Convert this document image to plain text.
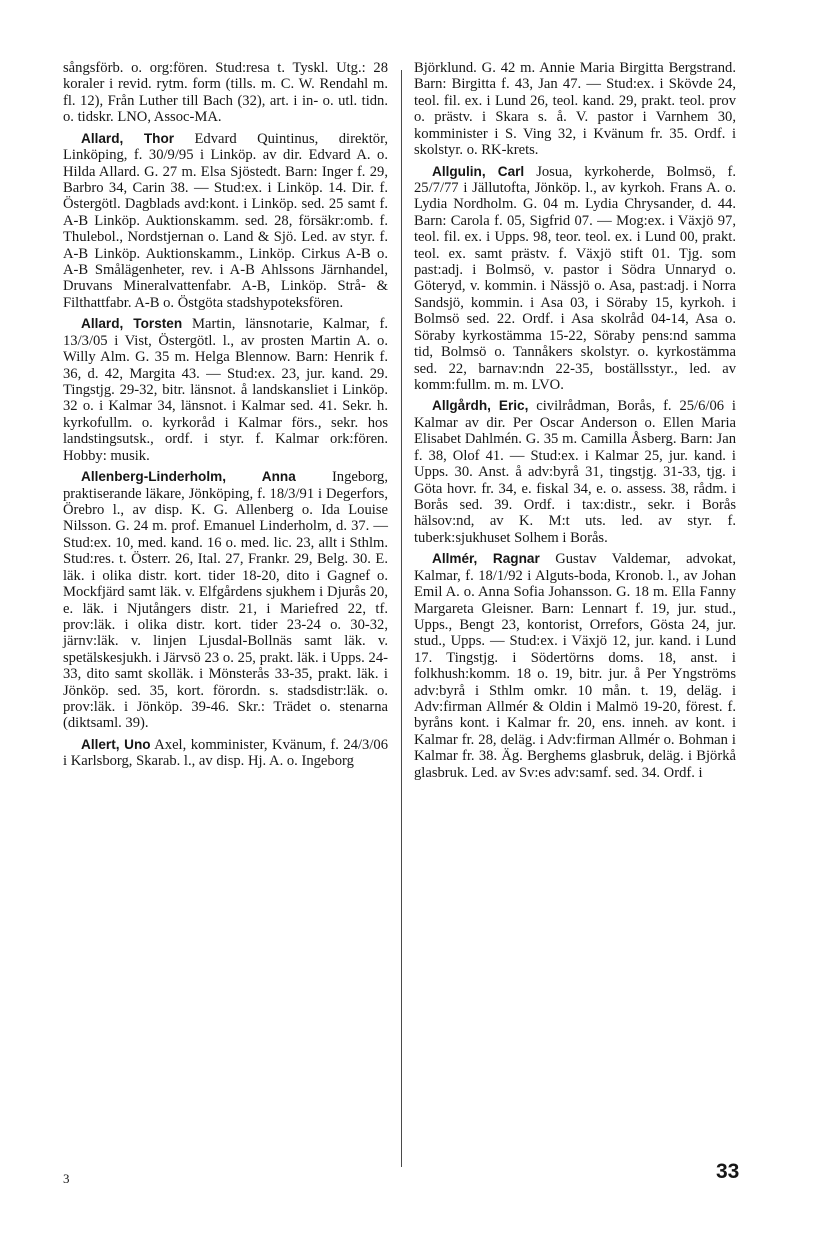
sångsförb. o. org:fören. Stud:resa t. Tyskl. Utg.: 28 koraler i revid. rytm. form (tills. m. C. W. Rendahl m. fl. 12), Från Luther till Bach (32), art. i in- o. utl. tidn. o. tidskr. LNO, Assoc-MA.

Allard, Thor Edvard Quintinus, direktör, Linköping, f. 30/9/95 i Linköp. av dir. Edvard A. o. Hilda Allard. G. 27 m. Elsa Sjöstedt. Barn: Inger f. 29, Barbro 34, Carin 38. — Stud:ex. i Linköp. 14. Dir. f. Östergötl. Dagblads avd:kont. i Linköp. sed. 25 samt f. A-B Linköp. Auktionskamm. sed. 28, försäkr:omb. f. Thulebol., Nordstjernan o. Land & Sjö. Led. av styr. f. A-B Linköp. Auktionskamm., Linköp. Cirkus A-B o. A-B Smålägenheter, rev. i A-B Ahlssons Järnhandel, Druvans Mineralvattenfabr. A-B, Linköp. Strå- & Filthattfabr. A-B o. Östgöta stadshypoteksfören.

Allard, Torsten Martin, länsnotarie, Kalmar, f. 13/3/05 i Vist, Östergötl. l., av prosten Martin A. o. Willy Alm. G. 35 m. Helga Blennow. Barn: Henrik f. 36, d. 42, Margita 43. — Stud:ex. 23, jur. kand. 29. Tingstjg. 29-32, bitr. länsnot. å landskansliet i Linköp. 32 o. i Kalmar 34, länsnot. i Kalmar sed. 41. Sekr. h. kyrkofullm. o. kyrkoråd i Kalmar förs., sekr. hos landstingsutsk., ordf. i styr. f. Kalmar ork:fören. Hobby: musik.

Allenberg-Linderholm, Anna Ingeborg, praktiserande läkare, Jönköping, f. 18/3/91 i Degerfors, Örebro l., av disp. K. G. Allenberg o. Ida Louise Nilsson. G. 24 m. prof. Emanuel Linderholm, d. 37. — Stud:ex. 10, med. kand. 16 o. med. lic. 23, allt i Sthlm. Stud:res. t. Österr. 26, Ital. 27, Frankr. 29, Belg. 30. E. läk. i olika distr. kort. tider 18-20, dito i Gagnef o. Mockfjärd samt läk. v. Elfgårdens sjukhem i Djurås 20, e. läk. i Njutångers distr. 21, i Mariefred 22, tf. prov:läk. i olika distr. kort. tider 23-24 o. 30-32, järnv:läk. v. linjen Ljusdal-Bollnäs samt läk. v. spetälskesjukh. i Järvsö 23 o. 25, prakt. läk. i Upps. 24-33, dito samt skolläk. i Mönsterås 33-35, prakt. läk. i Jönköp. sed. 35, kort. förordn. s. stadsdistr:läk. o. prov:läk. i Jönköp. 39-46. Skr.: Trädet o. stenarna (diktsaml. 39).

Allert, Uno Axel, komminister, Kvänum, f. 24/3/06 i Karlsborg, Skarab. l., av disp. Hj. A. o. Ingeborg

Björklund. G. 42 m. Annie Maria Birgitta Bergstrand. Barn: Birgitta f. 43, Jan 47. — Stud:ex. i Skövde 24, teol. fil. ex. i Lund 26, teol. kand. 29, prakt. teol. prov o. prästv. i Skara s. å. V. pastor i Varnhem 30, komminister i S. Ving 32, i Kvänum fr. 35. Ordf. i skolstyr. o. RK-krets.

Allgulin, Carl Josua, kyrkoherde, Bolmsö, f. 25/7/77 i Jällutofta, Jönköp. l., av kyrkoh. Frans A. o. Lydia Nordholm. G. 04 m. Lydia Chrysander, d. 44. Barn: Carola f. 05, Sigfrid 07. — Mog:ex. i Växjö 97, teol. fil. ex. i Upps. 98, teor. teol. ex. i Lund 00, prakt. teol. ex. samt prästv. f. Växjö stift 01. Tjg. som past:adj. i Bolmsö, v. pastor i Södra Unnaryd o. Göteryd, v. kommin. i Nässjö o. Asa, past:adj. i Norra Sandsjö, kommin. i Asa 03, i Söraby 15, kyrkoh. i Bolmsö sed. 22. Ordf. i Asa skolråd 04-14, Asa o. Söraby kyrkostämma 15-22, Söraby pens:nd samma tid, Bolmsö o. Tannåkers skolstyr. o. kyrkostämma sed. 22, barnav:ndn 22-35, boställsstyr., led. av komm:fullm. m. m. LVO.

Allgårdh, Eric, civilrådman, Borås, f. 25/6/06 i Kalmar av dir. Per Oscar Anderson o. Ellen Maria Elisabet Dahlmén. G. 35 m. Camilla Åsberg. Barn: Jan f. 38, Olof 41. — Stud:ex. i Kalmar 25, jur. kand. i Upps. 30. Anst. å adv:byrå 31, tingstjg. 31-33, tjg. i Göta hovr. fr. 34, e. fiskal 34, e. o. assess. 38, rådm. i Borås sed. 39. Ordf. i tax:distr., sekr. i Borås hälsov:nd, av K. M:t uts. led. av styr. f. tuberk:sjukhuset Solhem i Borås.

Allmér, Ragnar Gustav Valdemar, advokat, Kalmar, f. 18/1/92 i Alguts-boda, Kronob. l., av Johan Emil A. o. Anna Sofia Johansson. G. 18 m. Ella Fanny Margareta Gleisner. Barn: Lennart f. 19, jur. stud., Upps., Bengt 23, kontorist, Orrefors, Gösta 24, jur. stud., Upps. — Stud:ex. i Växjö 12, jur. kand. i Lund 17. Tingstjg. i Södertörns doms. 18, anst. i folkhush:komm. 18 o. 19, bitr. jur. å Per Yngströms adv:byrå i Sthlm omkr. 10 mån. t. 19, deläg. i Adv:firman Allmér & Oldin i Malmö 19-20, förest. f. byråns kont. i Kalmar fr. 20, ens. inneh. av kont. i Kalmar fr. 28, deläg. i Adv:firman Allmér o. Bohman i Kalmar fr. 38. Äg. Berghems glasbruk, deläg. i Björkå glasbruk. Led. av Sv:es adv:samf. sed. 34. Ordf. i

3	33
